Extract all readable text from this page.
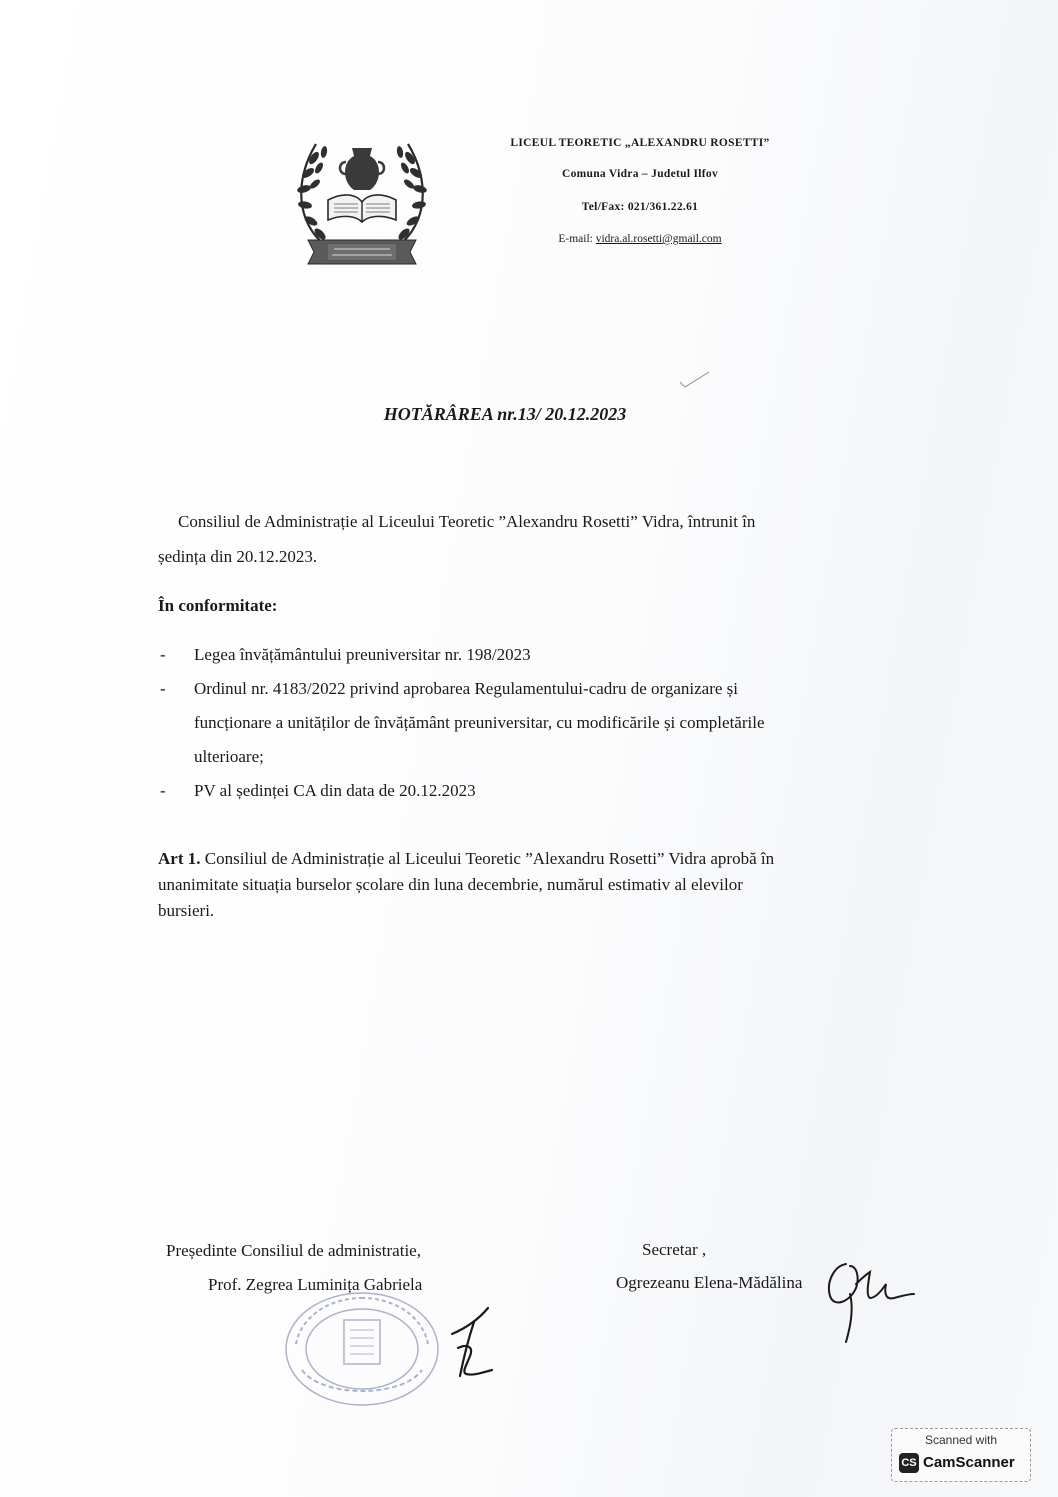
LICEUL TEORETIC „ALEXANDRU ROSETTI”
Comuna Vidra – Judetul Ilfov
Tel/Fax: 021/361.22.61
E-mail: vidra.al.rosetti@gmail.com
HOTĂRÂREA nr.13/ 20.12.2023
Consiliul de Administrație al Liceului Teoretic ”Alexandru Rosetti” Vidra, întrunit în
ședința din 20.12.2023.
În conformitate:
- Legea învățământului preuniversitar nr. 198/2023
- Ordinul nr. 4183/2022 privind aprobarea Regulamentului-cadru de organizare și
funcționare a unităților de învățământ preuniversitar, cu modificările și completările
ulterioare;
- PV al ședinței CA din data de 20.12.2023
Art 1. Consiliul de Administrație al Liceului Teoretic ”Alexandru Rosetti” Vidra aprobă în
unanimitate situația burselor școlare din luna decembrie, numărul estimativ al elevilor
bursieri.
Președinte Consiliul de administratie,
Prof. Zegrea Luminița Gabriela
Secretar ,
Ogrezeanu Elena-Mădălina
Scanned with
CS CamScanner
